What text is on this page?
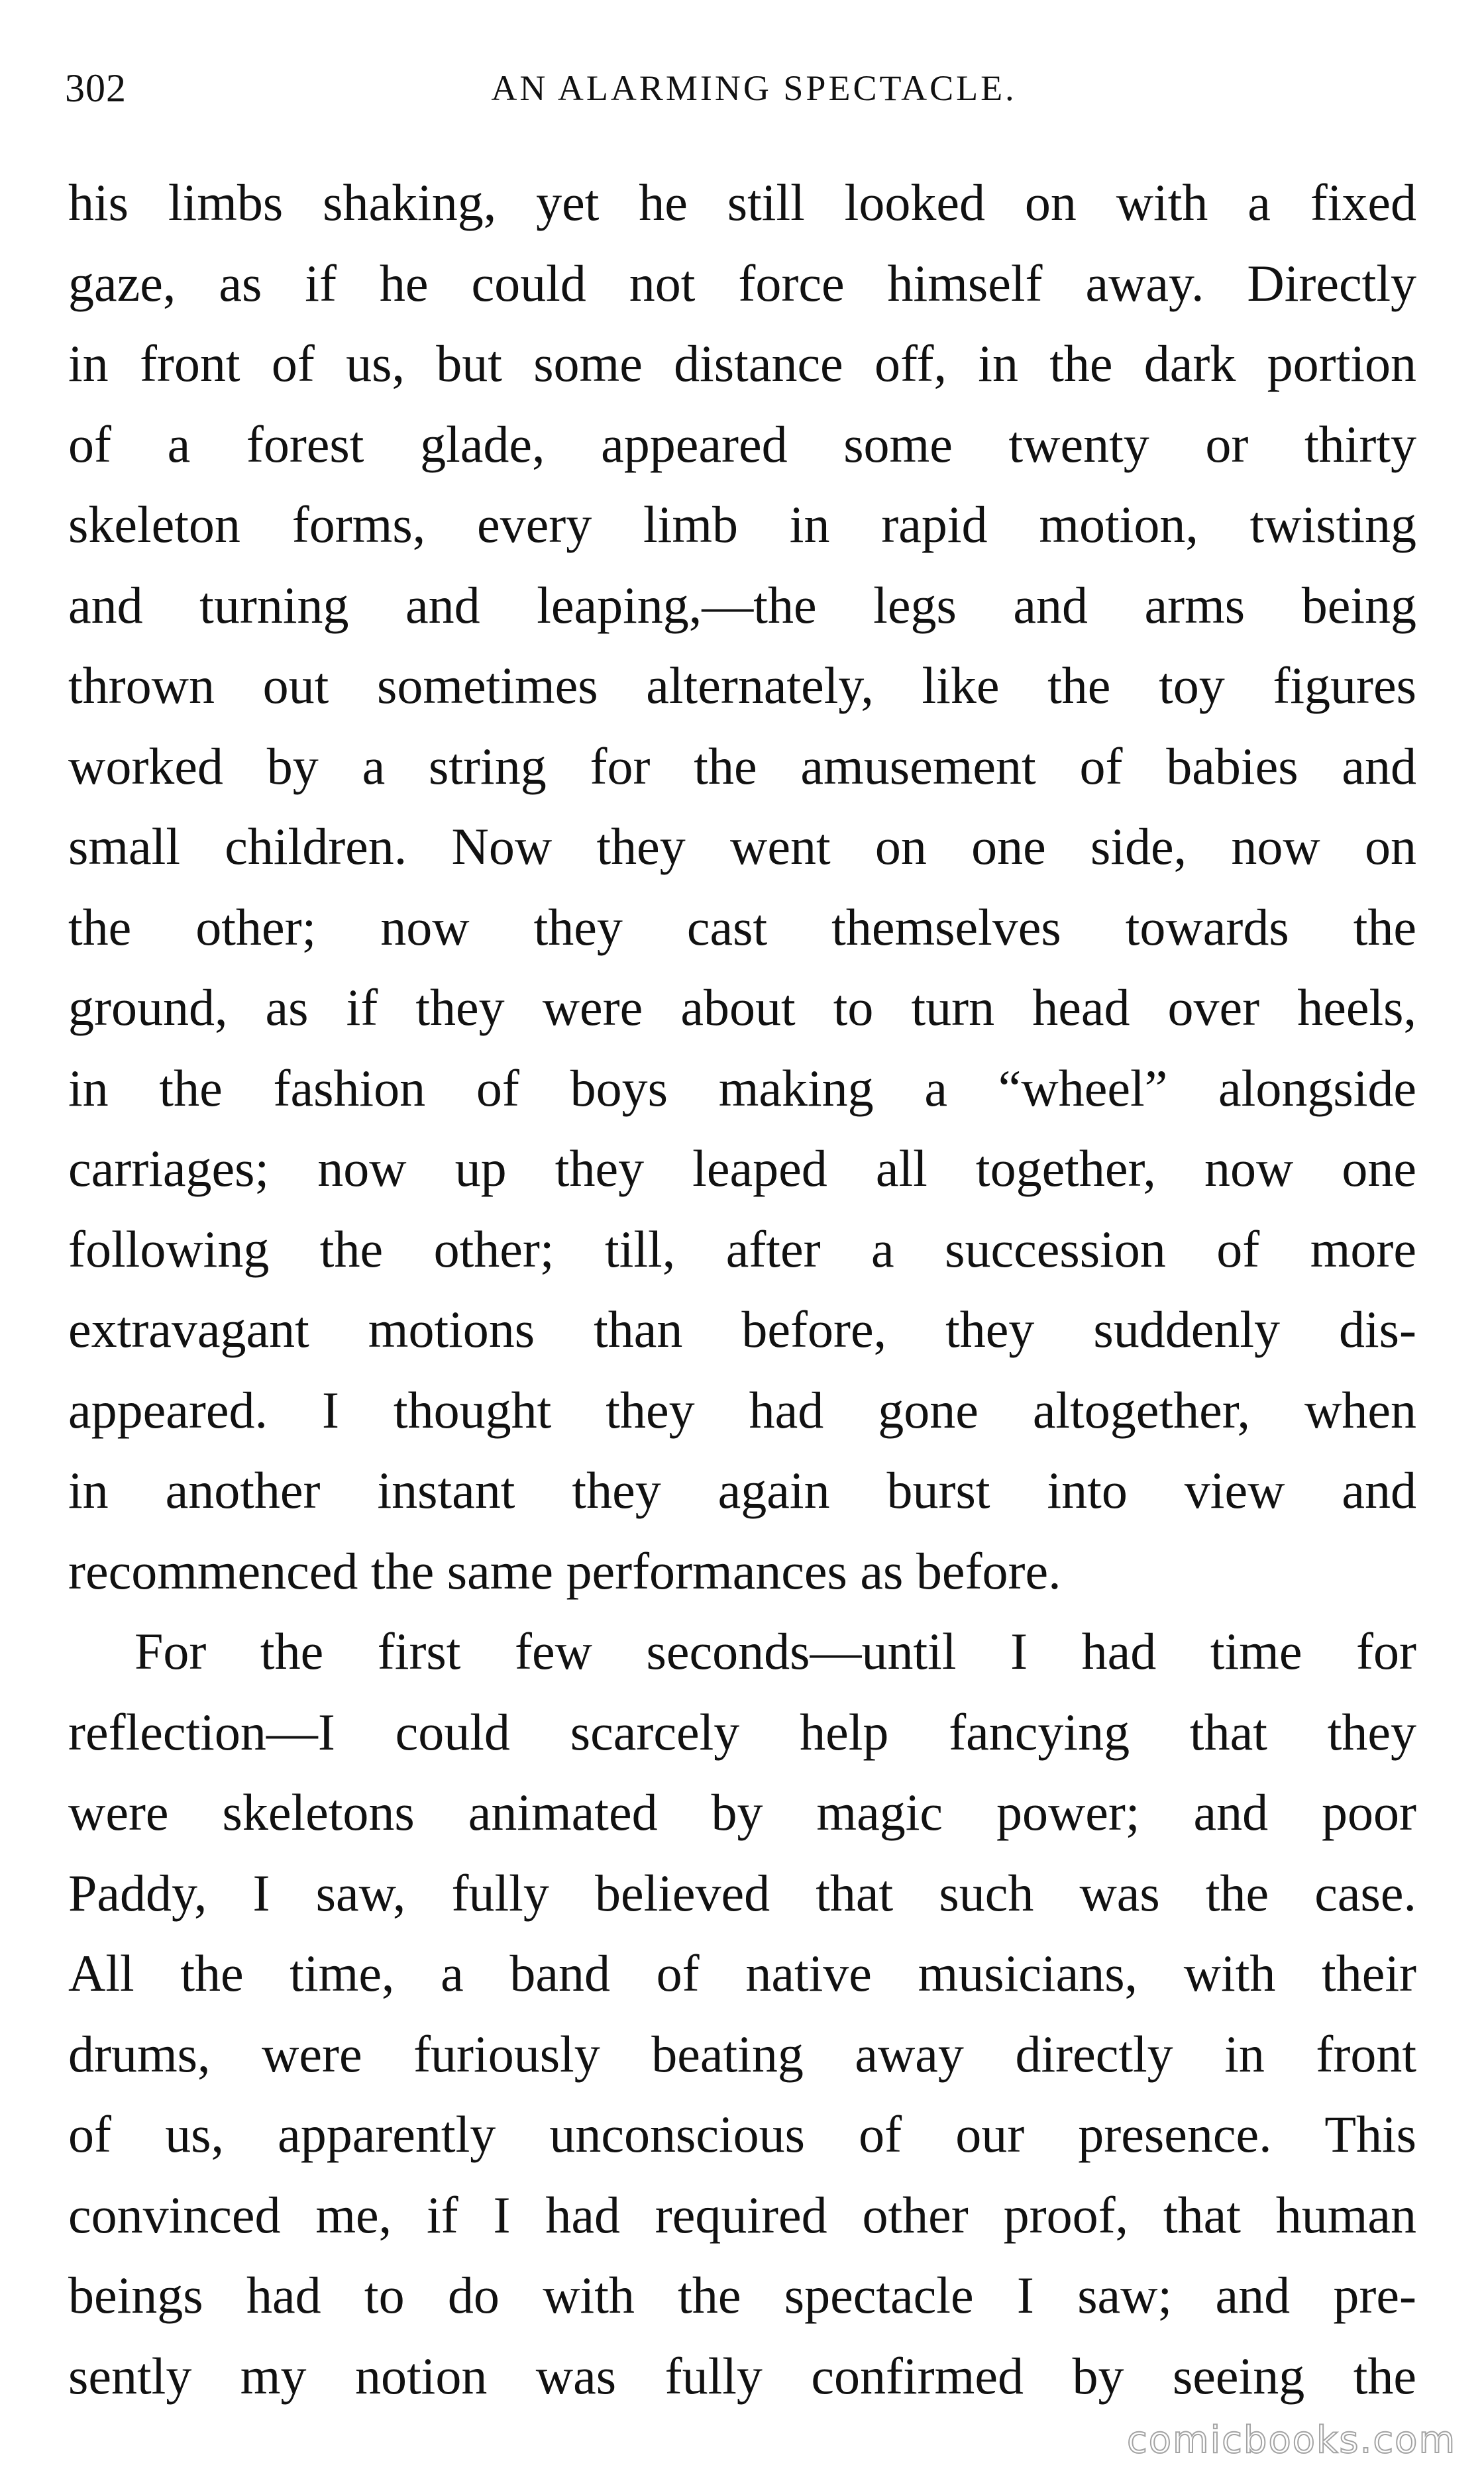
302	AN ALARMING SPECTACLE.
his limbs shaking, yet he still looked on with a fixed
gaze, as if he could not force himself away. Directly
in front of us, but some distance off, in the dark portion
of a forest glade, appeared some twenty or thirty
skeleton forms, every limb in rapid motion, twisting
and turning and leaping,—the legs and arms being
thrown out sometimes alternately, like the toy figures
worked by a string for the amusement of babies and
small children. Now they went on one side, now on
the other; now they cast themselves towards the
ground, as if they were about to turn head over heels,
in the fashion of boys making a “wheel” alongside
carriages; now up they leaped all together, now one
following the other; till, after a succession of more
extravagant motions than before, they suddenly dis-
appeared. I thought they had gone altogether, when
in another instant they again burst into view and
recommenced the same performances as before.
For the first few seconds—until I had time for
reflection—I could scarcely help fancying that they
were skeletons animated by magic power; and poor
Paddy, I saw, fully believed that such was the case.
All the time, a band of native musicians, with their
drums, were furiously beating away directly in front
of us, apparently unconscious of our presence. This
convinced me, if I had required other proof, that human
beings had to do with the spectacle I saw; and pre-
sently my notion was fully confirmed by seeing the
comicbooks.com
